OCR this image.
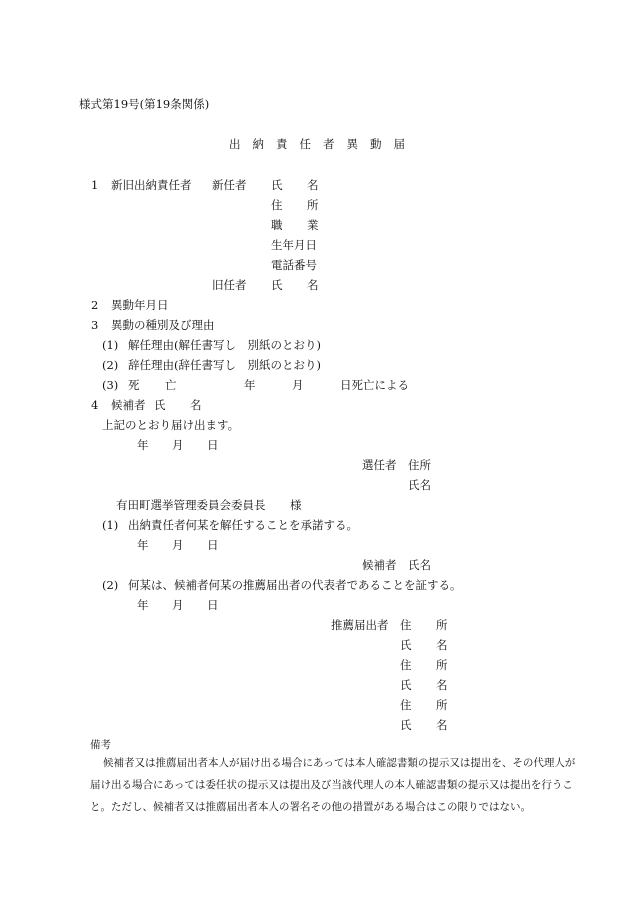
様式第19号(第19条関係)
出納責任者異動届
1 新旧出納責任者 新任者 氏 名
住 所
職 業
生年月日
電話番号
旧任者 氏 名
2 異動年月日
3 異動の種別及び理由
(1) 解任理由(解任書写し　別紙のとおり)
(2) 辞任理由(辞任書写し　別紙のとおり)
(3) 死 亡	年	月	日死亡による
4 候補者 氏 名
上記のとおり届け出ます。
年 月 日
選任者 住所
氏名
有田町選挙管理委員会委員長 様
(1) 出納責任者何某を解任することを承諾する。
年 月 日
候補者 氏名
(2) 何某は、候補者何某の推薦届出者の代表者であることを証する。
年 月 日
推薦届出者 住 所
氏 名
住 所
氏 名
住 所
氏 名
備考
候補者又は推薦届出者本人が届け出る場合にあっては本人確認書類の提示又は提出を、その代理人が
届け出る場合にあっては委任状の提示又は提出及び当該代理人の本人確認書類の提示又は提出を行うこ
と。ただし、候補者又は推薦届出者本人の署名その他の措置がある場合はこの限りではない。
